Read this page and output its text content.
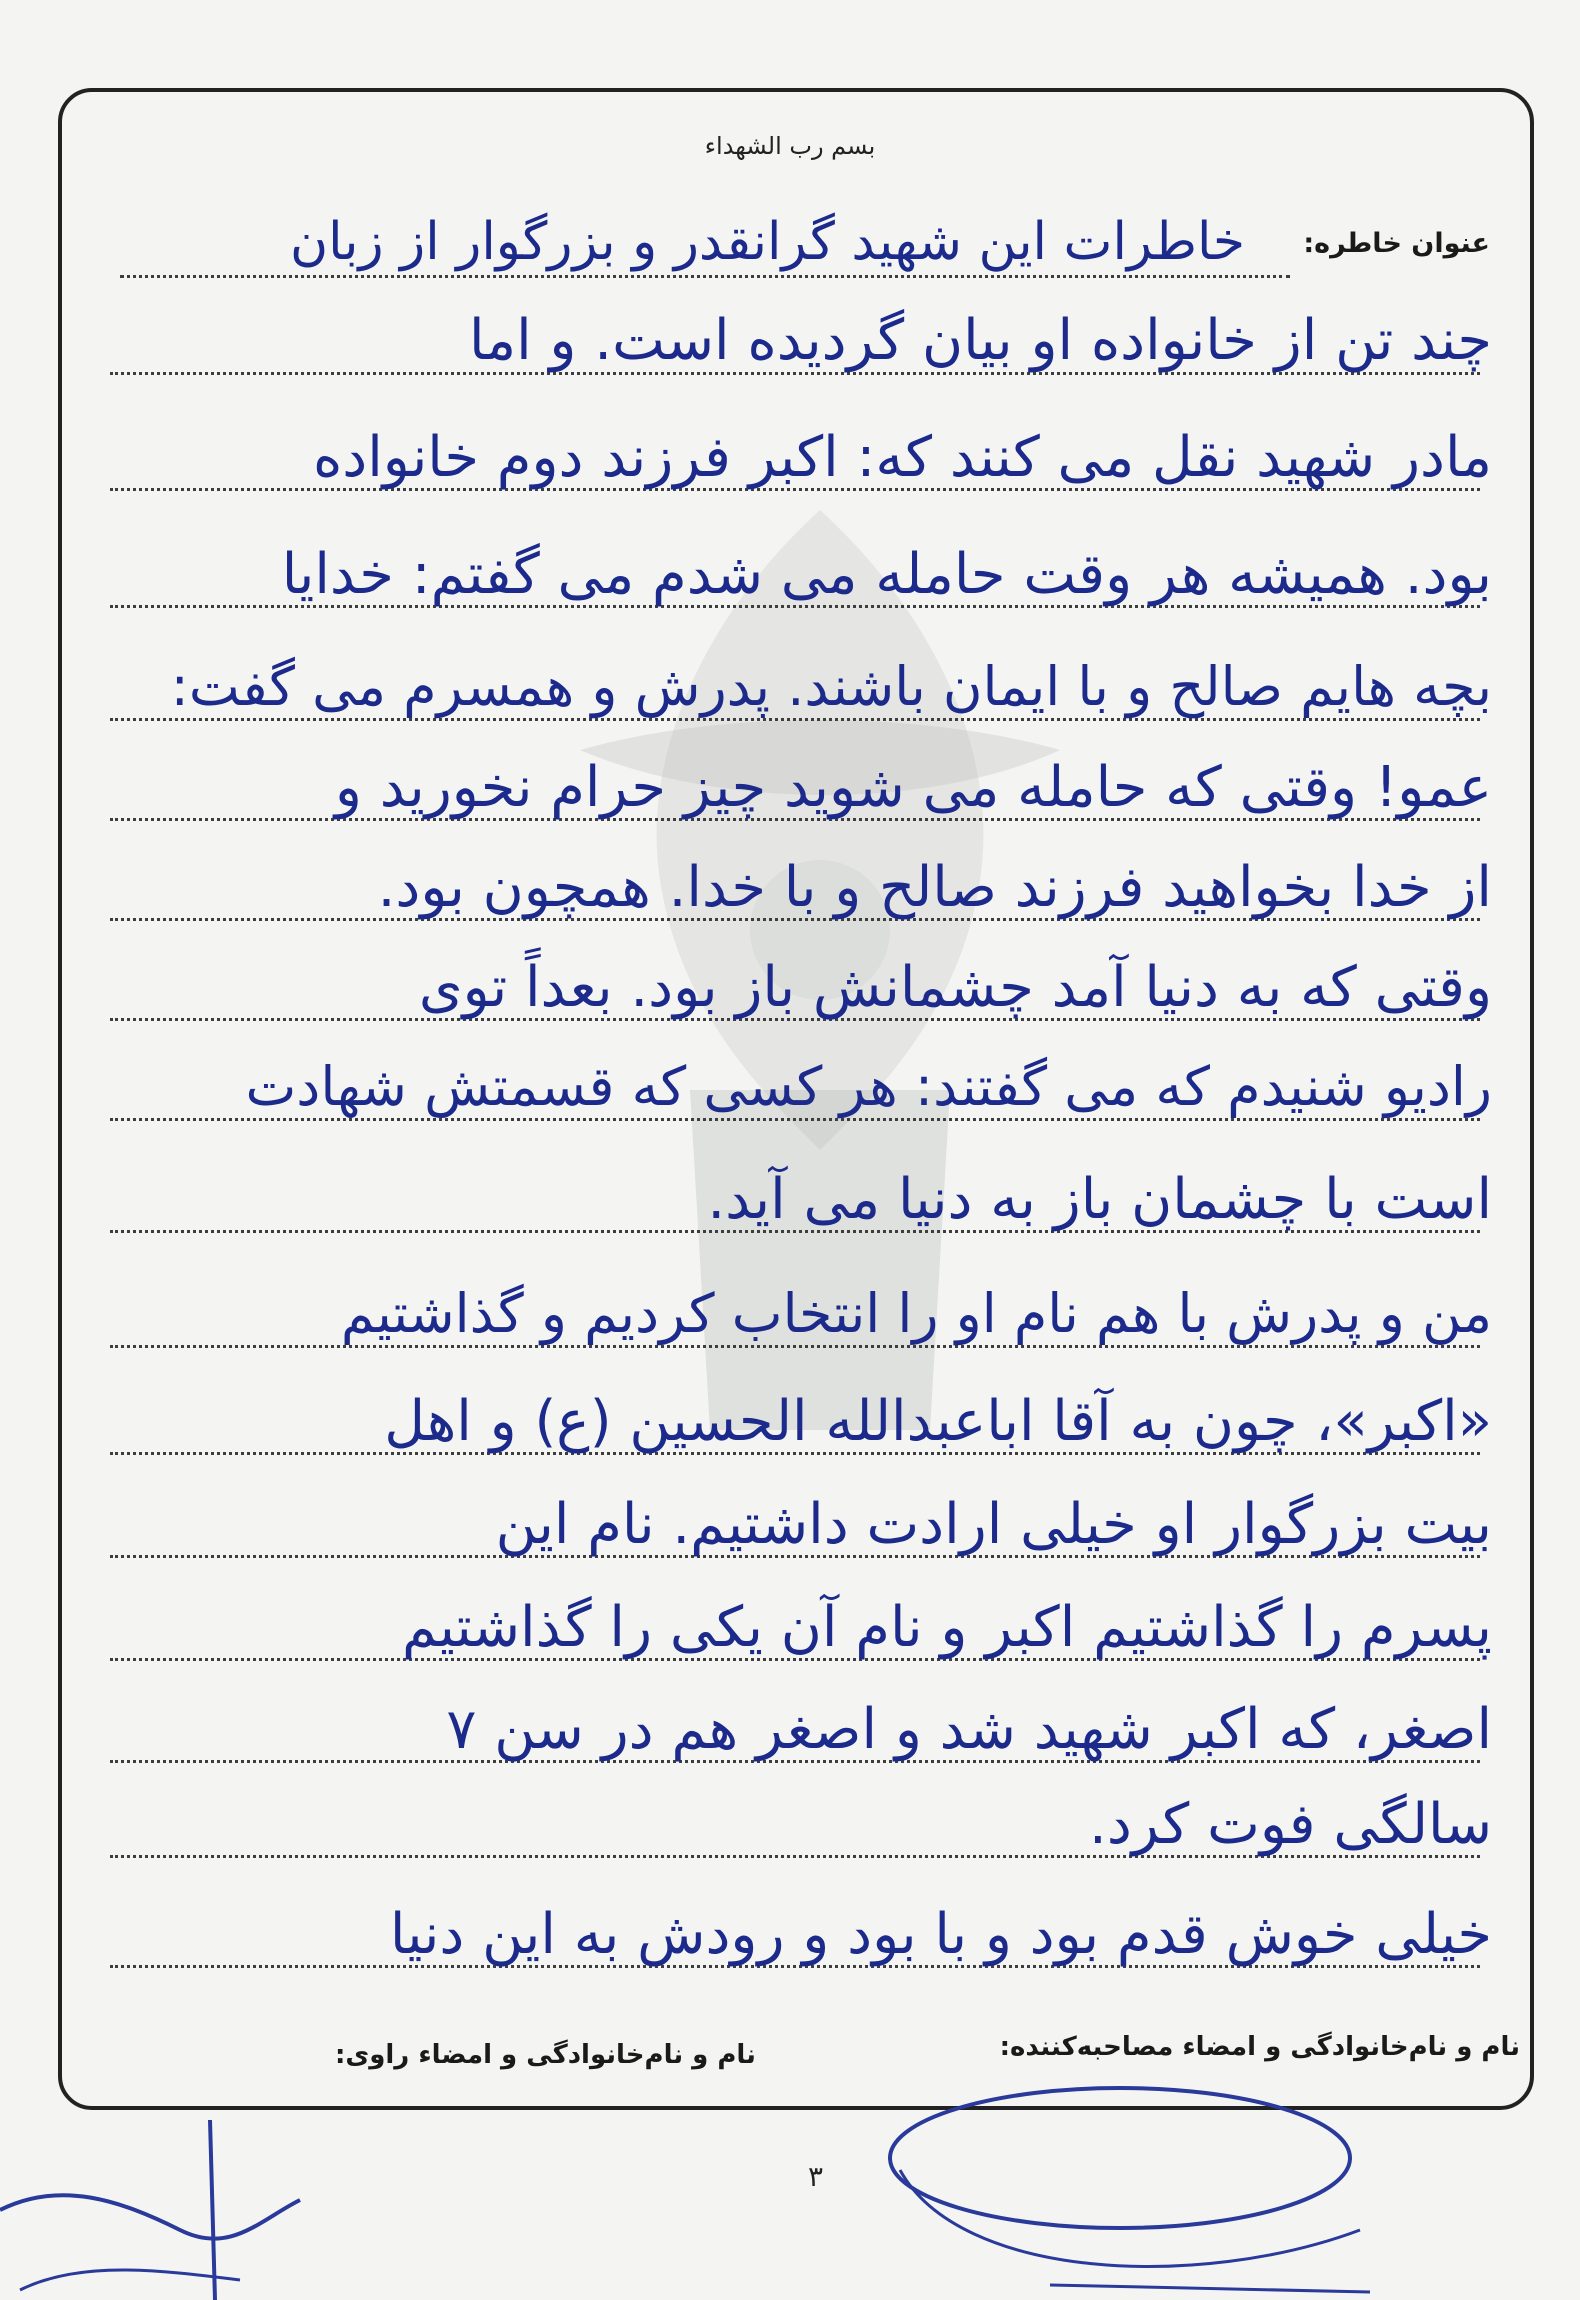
بسم رب الشهداء
عنوان خاطره:
خاطرات این شهید گرانقدر و بزرگوار از زبان
چند تن از خانواده او بیان گردیده است. و اما
مادر شهید نقل می کنند که: اکبر فرزند دوم خانواده
بود. همیشه هر وقت حامله می شدم می گفتم: خدایا
بچه هایم صالح و با ایمان باشند. پدرش و همسرم می گفت:
عمو! وقتی که حامله می شوید چیز حرام نخورید و
از خدا بخواهید فرزند صالح و با خدا. همچون بود.
وقتی که به دنیا آمد چشمانش باز بود. بعداً توی
رادیو شنیدم که می گفتند: هر کسی که قسمتش شهادت
است با چشمان باز به دنیا می آید.
من و پدرش با هم نام او را انتخاب کردیم و گذاشتیم
«اکبر»، چون به آقا اباعبدالله الحسین (ع) و اهل
بیت بزرگوار او خیلی ارادت داشتیم. نام این
پسرم را گذاشتیم اکبر و نام آن یکی را گذاشتیم
اصغر، که اکبر شهید شد و اصغر هم در سن ۷
سالگی فوت کرد.
خیلی خوش قدم بود و با بود و رودش به این دنیا
نام و نام‌خانوادگی و امضاء مصاحبه‌کننده:
نام و نام‌خانوادگی و امضاء راوی:
۳
